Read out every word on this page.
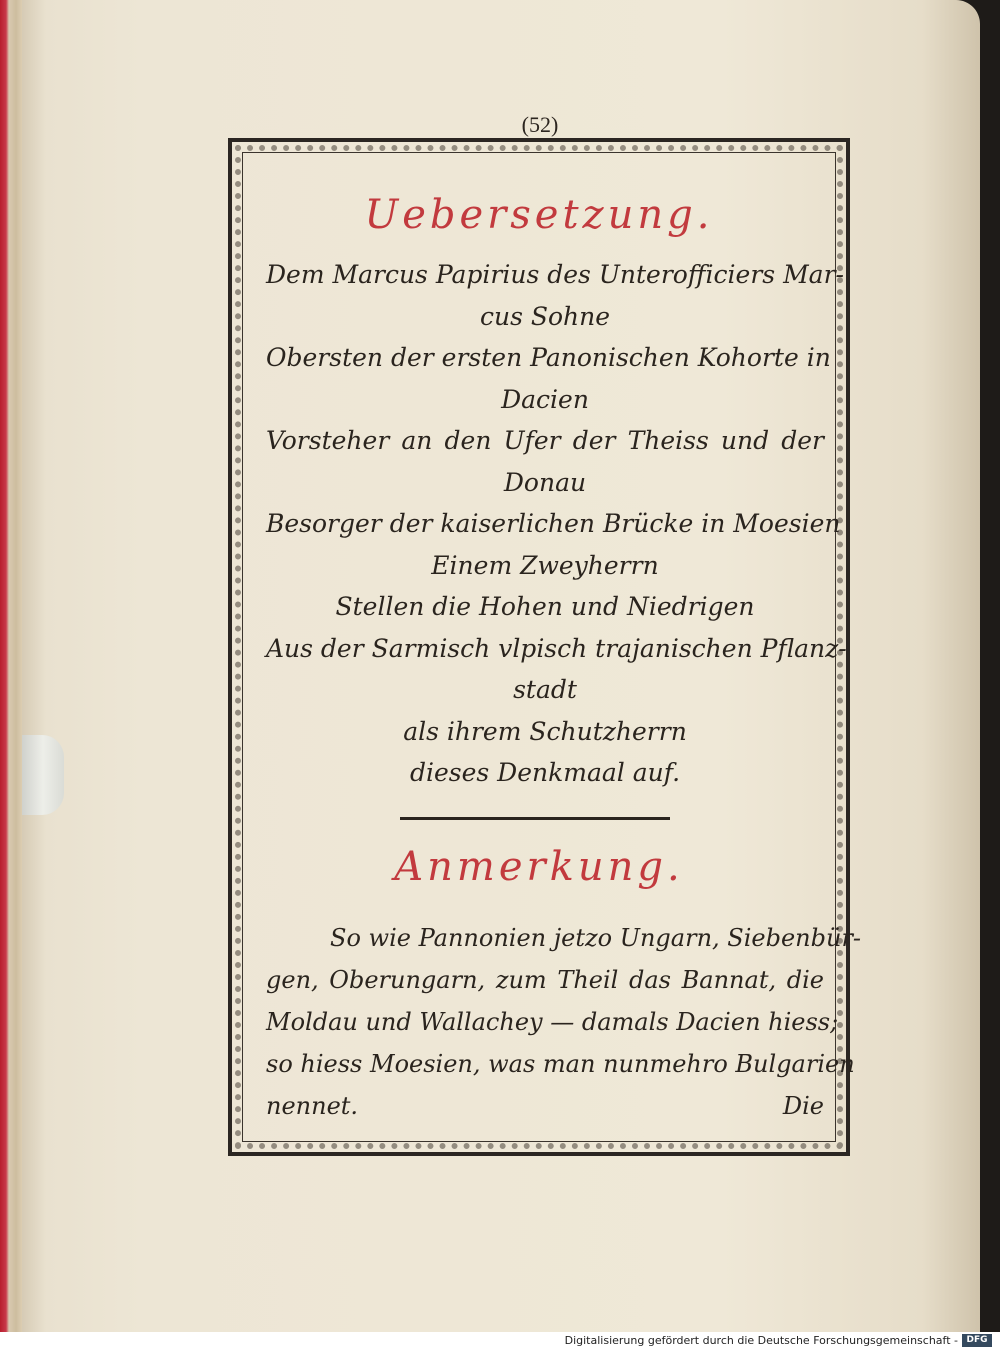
(52)
Uebersetzung.
Dem Marcus Papirius des Unterofficiers Mar-
cus Sohne
Obersten der ersten Panonischen Kohorte in
Dacien
Vorsteher an den Ufer der Theiss und der
Donau
Besorger der kaiserlichen Brücke in Moesien
Einem Zweyherrn
Stellen die Hohen und Niedrigen
Aus der Sarmisch vlpisch trajanischen Pflanz-
stadt
als ihrem Schutzherrn
dieses Denkmaal auf.
Anmerkung.
So wie Pannonien jetzo Ungarn, Siebenbür-
gen, Oberungarn, zum Theil das Bannat, die
Moldau und Wallachey — damals Dacien hiess;
so hiess Moesien, was man nunmehro Bulgarien
nennet.	Die
Digitalisierung gefördert durch die Deutsche Forschungsgemeinschaft - DFG
